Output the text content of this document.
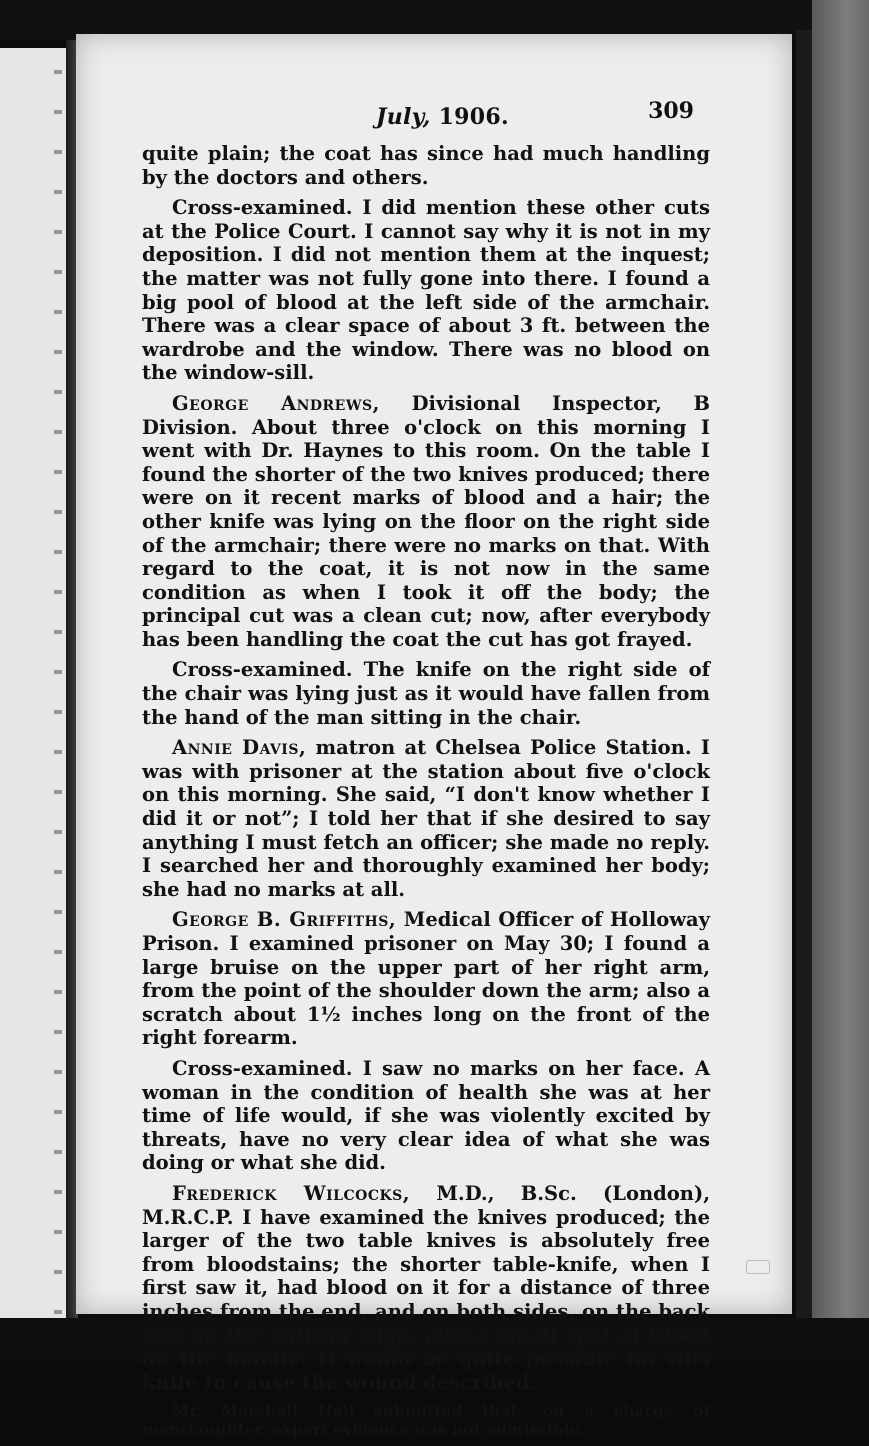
July, 1906.	309

quite plain; the coat has since had much handling by the doctors and others.

Cross-examined. I did mention these other cuts at the Police Court. I cannot say why it is not in my deposition. I did not mention them at the inquest; the matter was not fully gone into there. I found a big pool of blood at the left side of the armchair. There was a clear space of about 3 ft. between the wardrobe and the window. There was no blood on the window-sill.

George Andrews, Divisional Inspector, B Division. About three o'clock on this morning I went with Dr. Haynes to this room. On the table I found the shorter of the two knives produced; there were on it recent marks of blood and a hair; the other knife was lying on the floor on the right side of the armchair; there were no marks on that. With regard to the coat, it is not now in the same condition as when I took it off the body; the principal cut was a clean cut; now, after everybody has been handling the coat the cut has got frayed.

Cross-examined. The knife on the right side of the chair was lying just as it would have fallen from the hand of the man sitting in the chair.

Annie Davis, matron at Chelsea Police Station. I was with prisoner at the station about five o'clock on this morning. She said, “I don't know whether I did it or not”; I told her that if she desired to say anything I must fetch an officer; she made no reply. I searched her and thoroughly examined her body; she had no marks at all.

George B. Griffiths, Medical Officer of Holloway Prison. I examined prisoner on May 30; I found a large bruise on the upper part of her right arm, from the point of the shoulder down the arm; also a scratch about 1½ inches long on the front of the right forearm.

Cross-examined. I saw no marks on her face. A woman in the condition of health she was at her time of life would, if she was violently excited by threats, have no very clear idea of what she was doing or what she did.

Frederick Wilcocks, M.D., B.Sc. (London), M.R.C.P. I have examined the knives produced; the larger of the two table knives is absolutely free from bloodstains; the shorter table-knife, when I first saw it, had blood on it for a distance of three inches from the end, and on both sides, on the back and on the cutting edge; also a small spot of blood on the handle. It would be quite possible for this knife to cause the wound described.

Mr. Marshall Hall submitted that, on a charge of manslaughter, expert evidence was not admissible.
